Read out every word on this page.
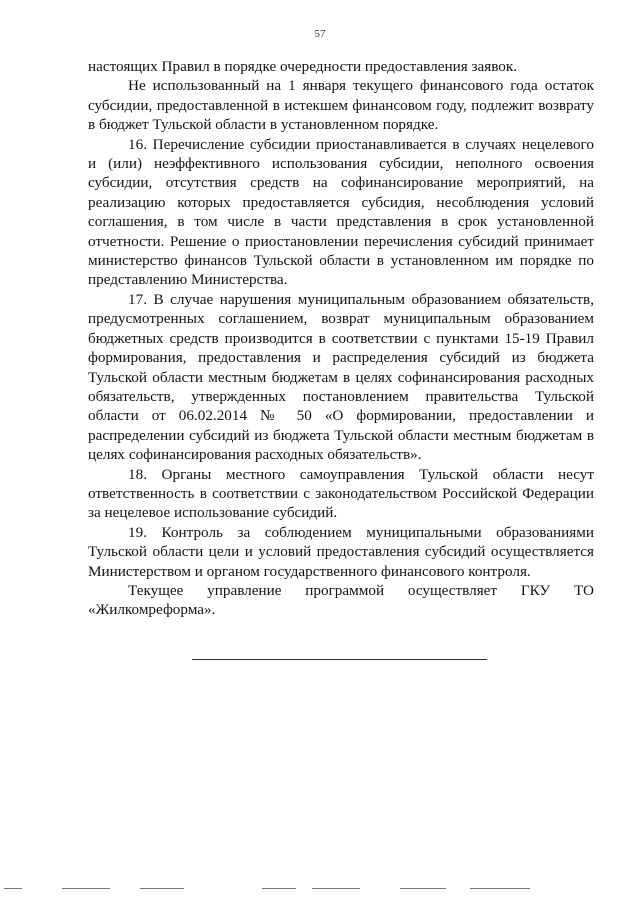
57

настоящих Правил в порядке очередности предоставления заявок.

Не использованный на 1 января текущего финансового года остаток субсидии, предоставленной в истекшем финансовом году, подлежит возврату в бюджет Тульской области в установленном порядке.

16. Перечисление субсидии приостанавливается в случаях нецелевого и (или) неэффективного использования субсидии, неполного освоения субсидии, отсутствия средств на софинансирование мероприятий, на реализацию которых предоставляется субсидия, несоблюдения условий соглашения, в том числе в части представления в срок установленной отчетности. Решение о приостановлении перечисления субсидий принимает министерство финансов Тульской области в установленном им порядке по представлению Министерства.

17. В случае нарушения муниципальным образованием обязательств, предусмотренных соглашением, возврат муниципальным образованием бюджетных средств производится в соответствии с пунктами 15-19 Правил формирования, предоставления и распределения субсидий из бюджета Тульской области местным бюджетам в целях софинансирования расходных обязательств, утвержденных постановлением правительства Тульской области от 06.02.2014 № 50 «О формировании, предоставлении и распределении субсидий из бюджета Тульской области местным бюджетам в целях софинансирования расходных обязательств».

18. Органы местного самоуправления Тульской области несут ответственность в соответствии с законодательством Российской Федерации за нецелевое использование субсидий.

19. Контроль за соблюдением муниципальными образованиями Тульской области цели и условий предоставления субсидий осуществляется Министерством и органом государственного финансового контроля.

Текущее управление программой осуществляет ГКУ ТО «Жилкомреформа».
